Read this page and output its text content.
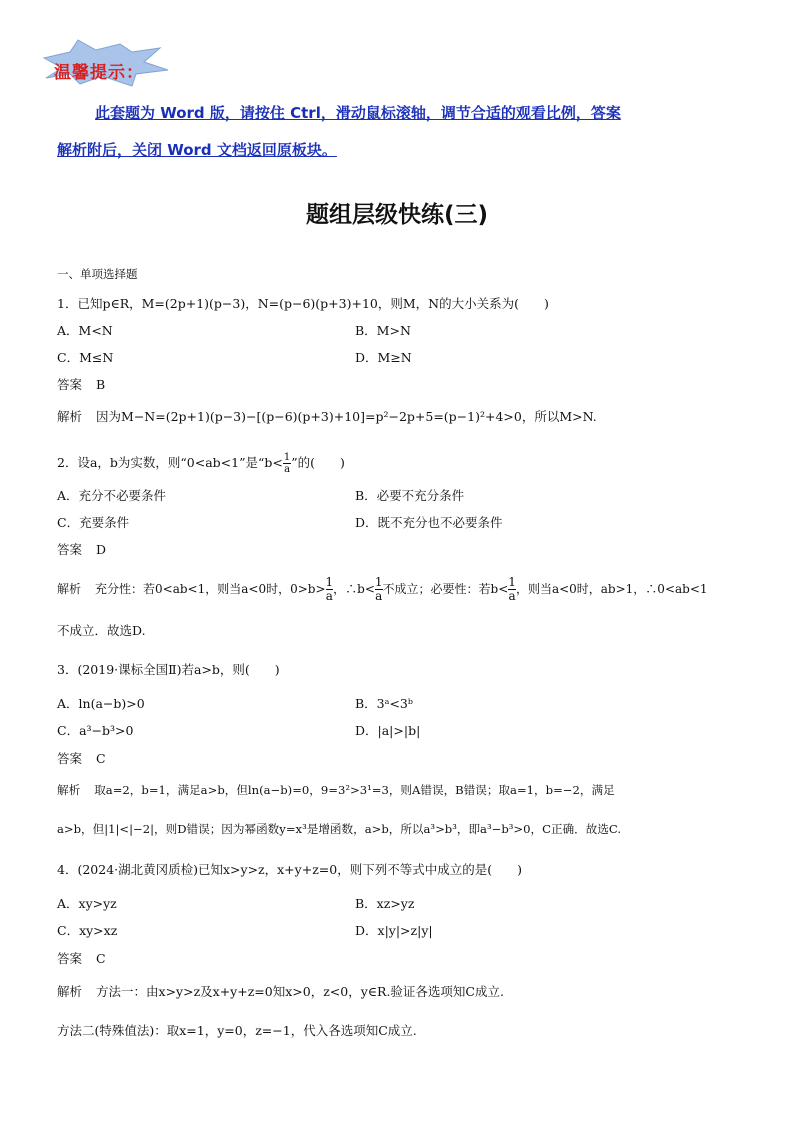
温馨提示：
此套题为 Word 版，请按住 Ctrl，滑动鼠标滚轴，调节合适的观看比例，答案
解析附后，关闭 Word 文档返回原板块。
题组层级快练(三)
一、单项选择题
1．已知p∈R，M=(2p+1)(p−3)，N=(p−6)(p+3)+10，则M，N的大小关系为(　　)
A．M<N	B．M>N
C．M≤N	D．M≥N
答案 B
解析 因为M−N=(2p+1)(p−3)−[(p−6)(p+3)+10]=p²−2p+5=(p−1)²+4>0，所以M>N.
2．设a，b为实数，则“0<ab<1”是“$b< \frac{1}{a}$ ”的(　　)
A．充分不必要条件	B．必要不充分条件
C．充要条件	D．既不充分也不必要条件
答案 D
解析 充分性：若0<ab<1，则当a<0时，$0>b> \frac{1}{a}$ ，∴b< $\frac{1}{a}$ 不成立；必要性：若$b< \frac{1}{a}$ ，则当a<0时，ab>1，∴0<ab<1
不成立．故选D.
3．(2019·课标全国Ⅱ)若a>b，则(　　)
A．ln(a−b)>0	B．3ᵃ<3ᵇ
C．a³−b³>0	D．|a|>|b|
答案 C
解析 取a=2，b=1，满足a>b，但ln(a−b)=0，9=3²>3¹=3，则A错误，B错误；取a=1，b=−2，满足
a>b，但|1|<|−2|，则D错误；因为幂函数y=x³是增函数，a>b，所以a³>b³，即a³−b³>0，C正确．故选C.
4．(2024·湖北黄冈质检)已知x>y>z，x+y+z=0，则下列不等式中成立的是(　　)
A．xy>yz	B．xz>yz
C．xy>xz	D．x|y|>z|y|
答案 C
解析 方法一：由x>y>z及x+y+z=0知x>0，z<0，y∈R.验证各选项知C成立.
方法二(特殊值法)：取x=1，y=0，z=−1，代入各选项知C成立.
